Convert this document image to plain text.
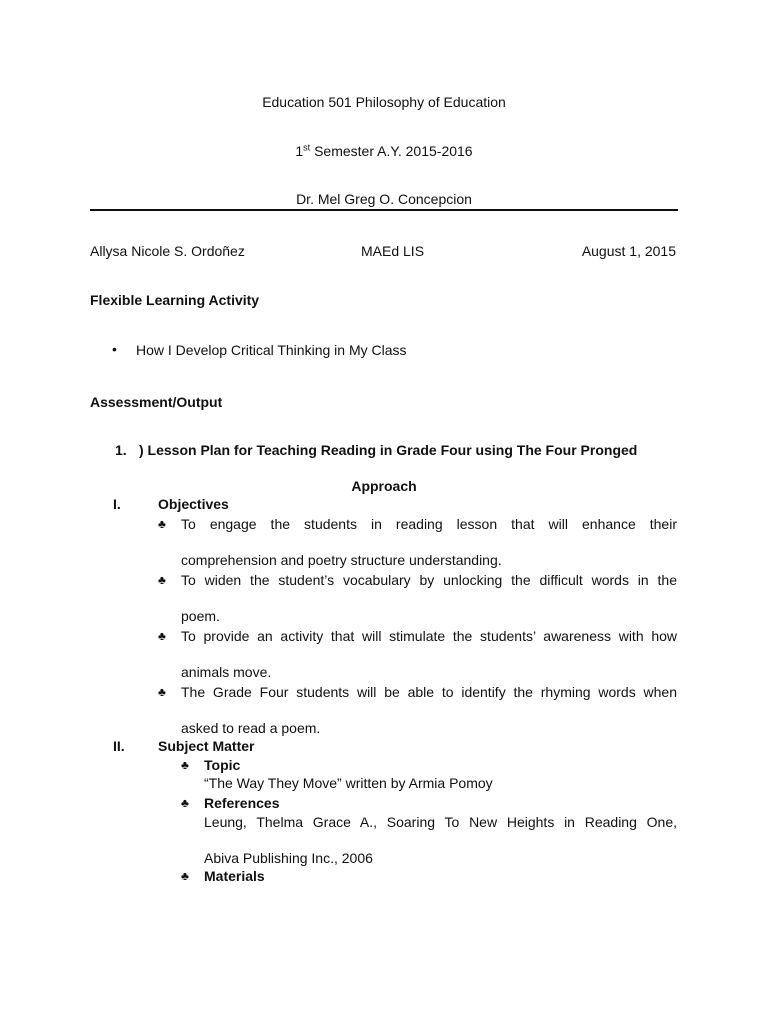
Education 501 Philosophy of Education
1st Semester A.Y. 2015-2016
Dr. Mel Greg O. Concepcion
Allysa Nicole S. Ordoñez	MAEd LIS	August 1, 2015
Flexible Learning Activity
• How I Develop Critical Thinking in My Class
Assessment/Output
1. ) Lesson Plan for Teaching Reading in Grade Four using The Four Pronged
Approach
I.	Objectives
♣ To engage the students in reading lesson that will enhance their
comprehension and poetry structure understanding.
♣ To widen the student’s vocabulary by unlocking the difficult words in the
poem.
♣ To provide an activity that will stimulate the students’ awareness with how
animals move.
♣ The Grade Four students will be able to identify the rhyming words when
asked to read a poem.
II. Subject Matter
♣ Topic
“The Way They Move” written by Armia Pomoy
♣ References
Leung, Thelma Grace A., Soaring To New Heights in Reading One,
Abiva Publishing Inc., 2006
♣ Materials
